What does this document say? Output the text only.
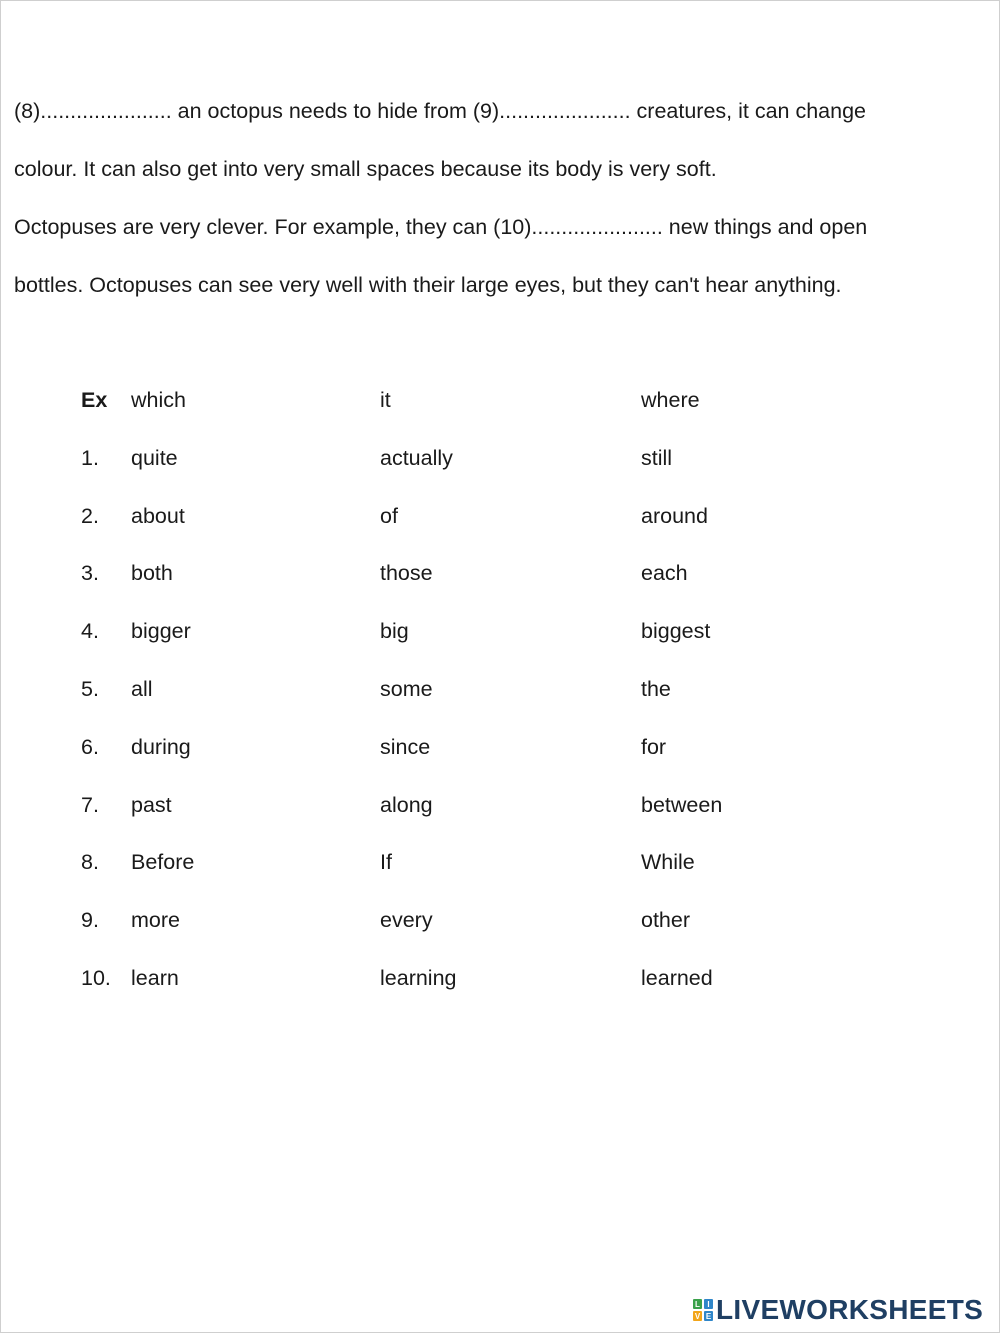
(8)...................... an octopus needs to hide from (9)...................... creatures, it can change
colour. It can also get into very small spaces because its body is very soft.
Octopuses are very clever. For example, they can (10)...................... new things and open
bottles. Octopuses can see very well with their large eyes, but they can't hear anything.
Ex which	it	where
1. quite	actually	still
2. about	of	around
3. both	those	each
4. bigger	big	biggest
5. all	some	the
6. during	since	for
7. past	along	between
8. Before	If	While
9. more	every	other
10. learn	learning	learned
L I
V E LIVEWORKSHEETS
